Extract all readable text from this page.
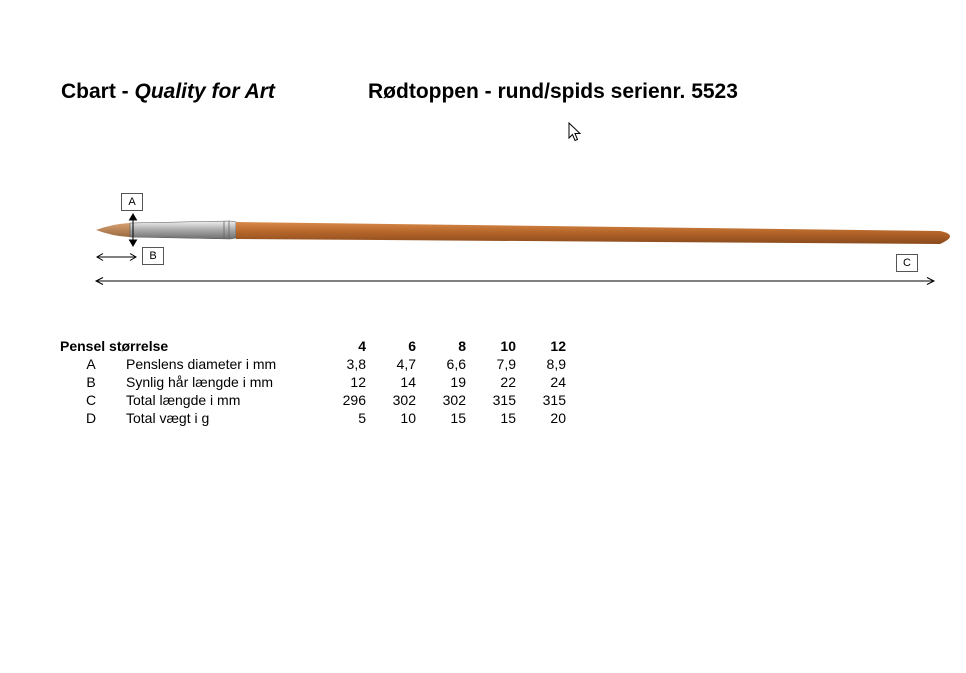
Cbart - Quality for Art	Rødtoppen - rund/spids serienr. 5523
A
B
C
Pensel størrelse		4	6	8	10	12
A	Penslens diameter i mm	3,8	4,7	6,6	7,9	8,9
B	Synlig hår længde i mm	12	14	19	22	24
C	Total længde i mm	296	302	302	315	315
D	Total vægt i g	5	10	15	15	20
